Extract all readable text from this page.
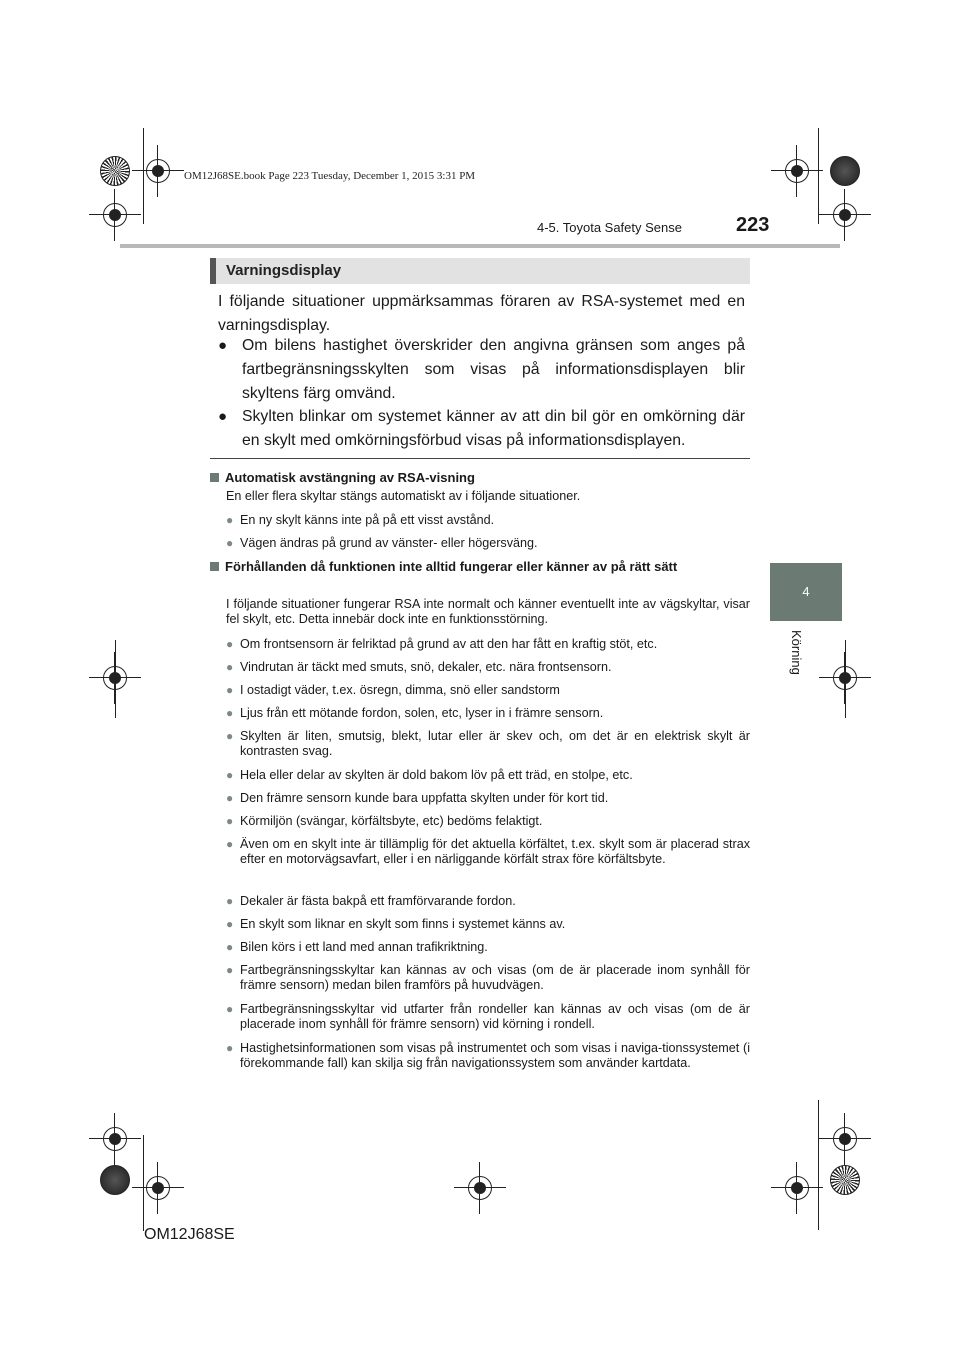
OM12J68SE.book Page 223 Tuesday, December 1, 2015 3:31 PM
4-5. Toyota Safety Sense	223
4
Körning
Varningsdisplay
I följande situationer uppmärksammas föraren av RSA-systemet med en varningsdisplay.
● Om bilens hastighet överskrider den angivna gränsen som anges på fartbegränsningsskylten som visas på informationsdisplayen blir skyltens färg omvänd.
● Skylten blinkar om systemet känner av att din bil gör en omkörning där en skylt med omkörningsförbud visas på informationsdisplayen.
Automatisk avstängning av RSA-visning
En eller flera skyltar stängs automatiskt av i följande situationer.
● En ny skylt känns inte på på ett visst avstånd.
● Vägen ändras på grund av vänster- eller högersväng.
Förhållanden då funktionen inte alltid fungerar eller känner av på rätt sätt
I följande situationer fungerar RSA inte normalt och känner eventuellt inte av vägskyltar, visar fel skylt, etc. Detta innebär dock inte en funktionsstörning.
● Om frontsensorn är felriktad på grund av att den har fått en kraftig stöt, etc.
● Vindrutan är täckt med smuts, snö, dekaler, etc. nära frontsensorn.
● I ostadigt väder, t.ex. ösregn, dimma, snö eller sandstorm
● Ljus från ett mötande fordon, solen, etc, lyser in i främre sensorn.
● Skylten är liten, smutsig, blekt, lutar eller är skev och, om det är en elektrisk skylt är kontrasten svag.
● Hela eller delar av skylten är dold bakom löv på ett träd, en stolpe, etc.
● Den främre sensorn kunde bara uppfatta skylten under för kort tid.
● Körmiljön (svängar, körfältsbyte, etc) bedöms felaktigt.
● Även om en skylt inte är tillämplig för det aktuella körfältet, t.ex. skylt som är placerad strax efter en motorvägsavfart, eller i en närliggande körfält strax före körfältsbyte.
● Dekaler är fästa bakpå ett framförvarande fordon.
● En skylt som liknar en skylt som finns i systemet känns av.
● Bilen körs i ett land med annan trafikriktning.
● Fartbegränsningsskyltar kan kännas av och visas (om de är placerade inom synhåll för främre sensorn) medan bilen framförs på huvudvägen.
● Fartbegränsningsskyltar vid utfarter från rondeller kan kännas av och visas (om de är placerade inom synhåll för främre sensorn) vid körning i rondell.
● Hastighetsinformationen som visas på instrumentet och som visas i naviga-tionssystemet (i förekommande fall) kan skilja sig från navigationssystem som använder kartdata.
OM12J68SE
